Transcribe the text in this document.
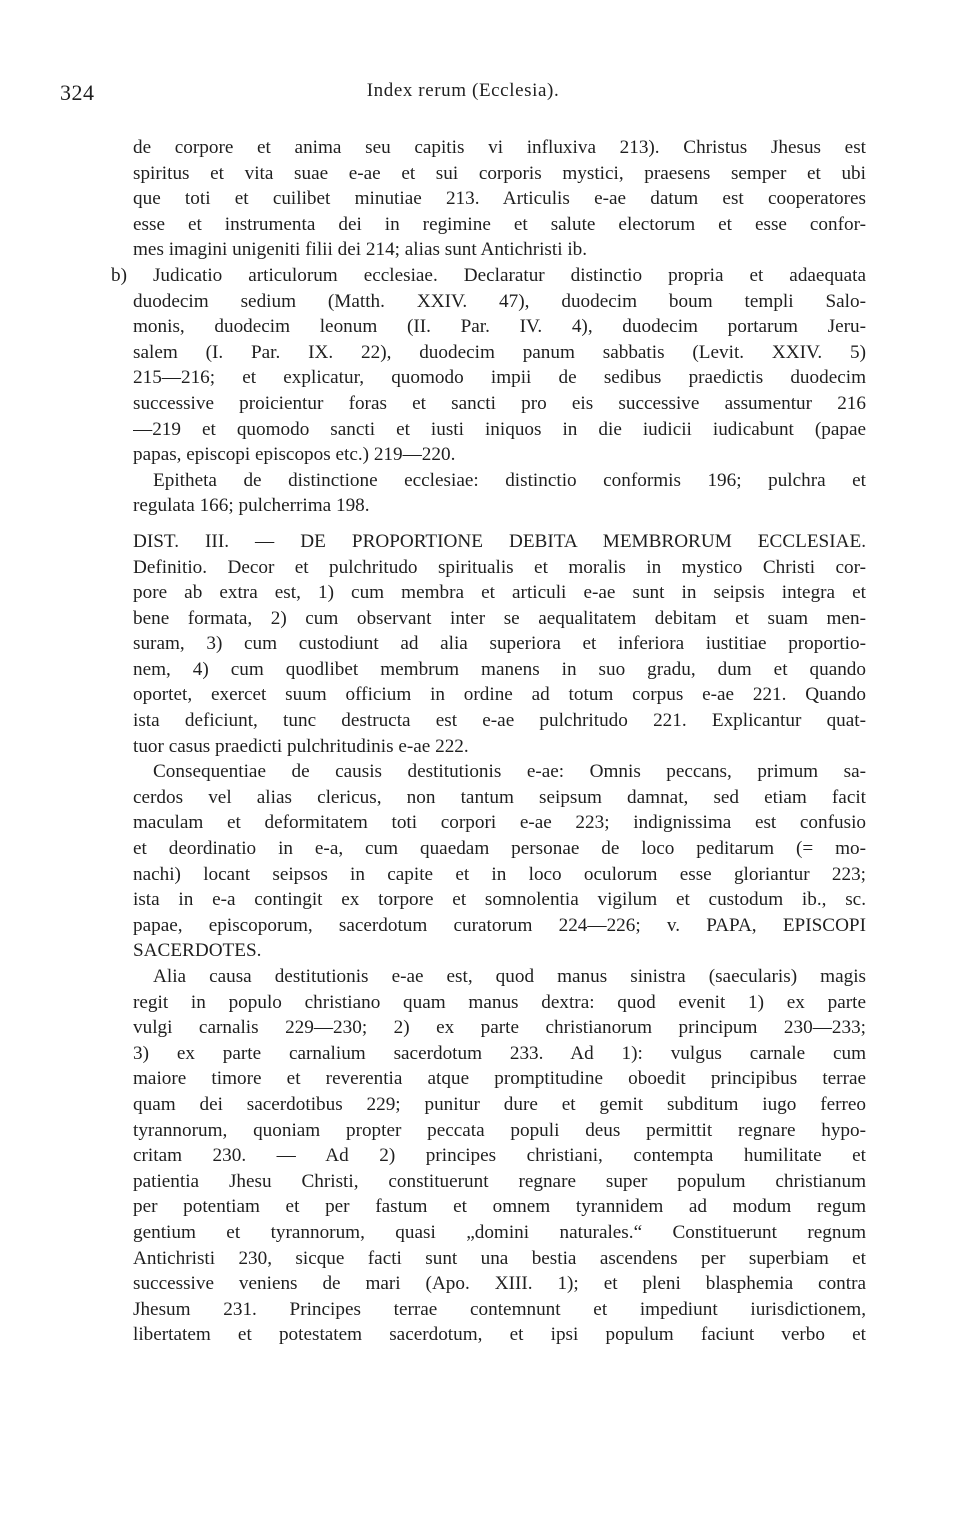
324	Index rerum (Ecclesia).
de corpore et anima seu capitis vi influxiva 213). Christus Jhesus est
spiritus et vita suae e-ae et sui corporis mystici, praesens semper et ubi
que toti et cuilibet minutiae 213. Articulis e-ae datum est cooperatores
esse et instrumenta dei in regimine et salute electorum et esse confor-
mes imagini unigeniti filii dei 214; alias sunt Antichristi ib.
b) Judicatio articulorum ecclesiae. Declaratur distinctio propria et adaequata
duodecim sedium (Matth. XXIV. 47), duodecim boum templi Salo-
monis, duodecim leonum (II. Par. IV. 4), duodecim portarum Jeru-
salem (I. Par. IX. 22), duodecim panum sabbatis (Levit. XXIV. 5)
215—216; et explicatur, quomodo impii de sedibus praedictis duodecim
successive proicientur foras et sancti pro eis successive assumentur 216
—219 et quomodo sancti et iusti iniquos in die iudicii iudicabunt (papae
papas, episcopi episcopos etc.) 219—220.
Epitheta de distinctione ecclesiae: distinctio conformis 196; pulchra et
regulata 166; pulcherrima 198.
DIST. III. — DE PROPORTIONE DEBITA MEMBRORUM ECCLESIAE.
Definitio. Decor et pulchritudo spiritualis et moralis in mystico Christi cor-
pore ab extra est, 1) cum membra et articuli e-ae sunt in seipsis integra et
bene formata, 2) cum observant inter se aequalitatem debitam et suam men-
suram, 3) cum custodiunt ad alia superiora et inferiora iustitiae proportio-
nem, 4) cum quodlibet membrum manens in suo gradu, dum et quando
oportet, exercet suum officium in ordine ad totum corpus e-ae 221. Quando
ista deficiunt, tunc destructa est e-ae pulchritudo 221. Explicantur quat-
tuor casus praedicti pulchritudinis e-ae 222.
Consequentiae de causis destitutionis e-ae: Omnis peccans, primum sa-
cerdos vel alias clericus, non tantum seipsum damnat, sed etiam facit
maculam et deformitatem toti corpori e-ae 223; indignissima est confusio
et deordinatio in e-a, cum quaedam personae de loco peditarum (= mo-
nachi) locant seipsos in capite et in loco oculorum esse gloriantur 223;
ista in e-a contingit ex torpore et somnolentia vigilum et custodum ib., sc.
papae, episcoporum, sacerdotum curatorum 224—226; v. PAPA, EPISCOPI
SACERDOTES.
Alia causa destitutionis e-ae est, quod manus sinistra (saecularis) magis
regit in populo christiano quam manus dextra: quod evenit 1) ex parte
vulgi carnalis 229—230; 2) ex parte christianorum principum 230—233;
3) ex parte carnalium sacerdotum 233. Ad 1): vulgus carnale cum
maiore timore et reverentia atque promptitudine oboedit principibus terrae
quam dei sacerdotibus 229; punitur dure et gemit subditum iugo ferreo
tyrannorum, quoniam propter peccata populi deus permittit regnare hypo-
critam 230. — Ad 2) principes christiani, contempta humilitate et
patientia Jhesu Christi, constituerunt regnare super populum christianum
per potentiam et per fastum et omnem tyrannidem ad modum regum
gentium et tyrannorum, quasi „domini naturales.“ Constituerunt regnum
Antichristi 230, sicque facti sunt una bestia ascendens per superbiam et
successive veniens de mari (Apo. XIII. 1); et pleni blasphemia contra
Jhesum 231. Principes terrae contemnunt et impediunt iurisdictionem,
libertatem et potestatem sacerdotum, et ipsi populum faciunt verbo et
